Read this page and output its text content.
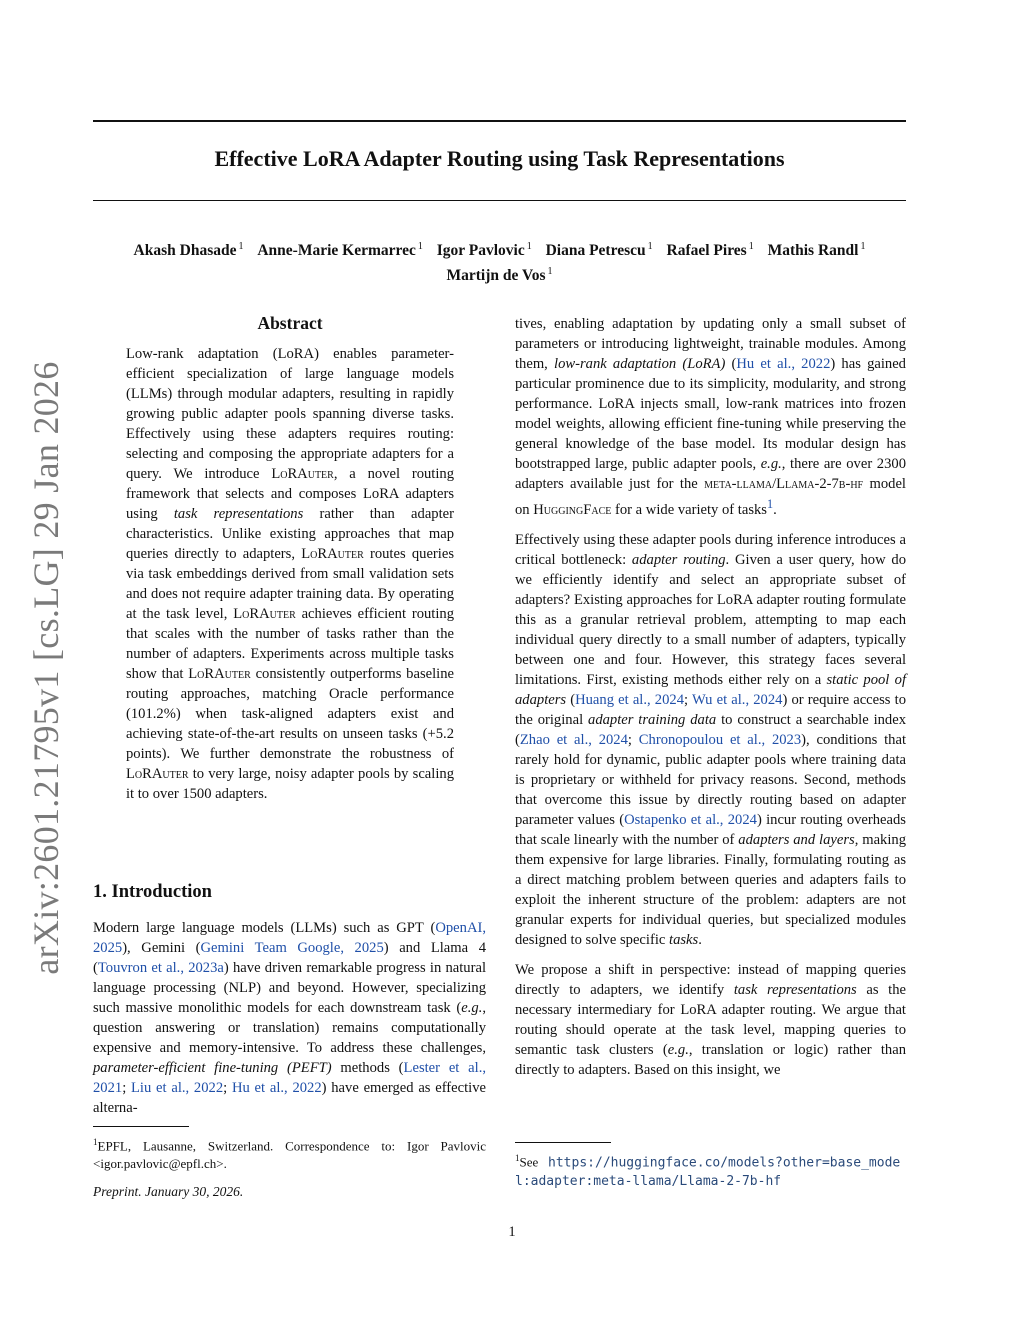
Effective LoRA Adapter Routing using Task Representations
Akash Dhasade $^1$ Anne-Marie Kermarrec $^1$ Igor Pavlovic $^1$ Diana Petrescu $^1$ Rafael Pires $^1$ Mathis Randl $^1$
Martijn de Vos $^1$
arXiv:2601.21795v1 [cs.LG] 29 Jan 2026
Abstract

Low-rank adaptation (LoRA) enables parameter-efficient specialization of large language models (LLMs) through modular adapters, resulting in rapidly growing public adapter pools spanning diverse tasks. Effectively using these adapters requires routing: selecting and composing the appropriate adapters for a query. We introduce LoRAuter, a novel routing framework that selects and composes LoRA adapters using task representations rather than adapter characteristics. Unlike existing approaches that map queries directly to adapters, LoRAuter routes queries via task embeddings derived from small validation sets and does not require adapter training data. By operating at the task level, LoRAuter achieves efficient routing that scales with the number of tasks rather than the number of adapters. Experiments across multiple tasks show that LoRAuter consistently outperforms baseline routing approaches, matching Oracle performance (101.2%) when task-aligned adapters exist and achieving state-of-the-art results on unseen tasks (+5.2 points). We further demonstrate the robustness of LoRAuter to very large, noisy adapter pools by scaling it to over 1500 adapters.

1. Introduction

Modern large language models (LLMs) such as GPT (OpenAI, 2025), Gemini (Gemini Team Google, 2025) and Llama 4 (Touvron et al., 2023a) have driven remarkable progress in natural language processing (NLP) and beyond. However, specializing such massive monolithic models for each downstream task (e.g., question answering or translation) remains computationally expensive and memory-intensive. To address these challenges, parameter-efficient fine-tuning (PEFT) methods (Lester et al., 2021; Liu et al., 2022; Hu et al., 2022) have emerged as effective alterna-

tives, enabling adaptation by updating only a small subset of parameters or introducing lightweight, trainable modules. Among them, low-rank adaptation (LoRA) (Hu et al., 2022) has gained particular prominence due to its simplicity, modularity, and strong performance. LoRA injects small, low-rank matrices into frozen model weights, allowing efficient fine-tuning while preserving the general knowledge of the base model. Its modular design has bootstrapped large, public adapter pools, e.g., there are over 2300 adapters available just for the meta-llama/Llama-2-7b-hf model on HuggingFace for a wide variety of tasks$^1$.

Effectively using these adapter pools during inference introduces a critical bottleneck: adapter routing. Given a user query, how do we efficiently identify and select an appropriate subset of adapters? Existing approaches for LoRA adapter routing formulate this as a granular retrieval problem, attempting to map each individual query directly to a small number of adapters, typically between one and four. However, this strategy faces several limitations. First, existing methods either rely on a static pool of adapters (Huang et al., 2024; Wu et al., 2024) or require access to the original adapter training data to construct a searchable index (Zhao et al., 2024; Chronopoulou et al., 2023), conditions that rarely hold for dynamic, public adapter pools where training data is proprietary or withheld for privacy reasons. Second, methods that overcome this issue by directly routing based on adapter parameter values (Ostapenko et al., 2024) incur routing overheads that scale linearly with the number of adapters and layers, making them expensive for large libraries. Finally, formulating routing as a direct matching problem between queries and adapters fails to exploit the inherent structure of the problem: adapters are not granular experts for individual queries, but specialized modules designed to solve specific tasks.

We propose a shift in perspective: instead of mapping queries directly to adapters, we identify task representations as the necessary intermediary for LoRA adapter routing. We argue that routing should operate at the task level, mapping queries to semantic task clusters (e.g., translation or logic) rather than directly to adapters. Based on this insight, we

$^1$EPFL, Lausanne, Switzerland. Correspondence to: Igor Pavlovic <igor.pavlovic@epfl.ch>.	$^1$See https://huggingface.co/models?other=base_model:adapter:meta-llama/Llama-2-7b-hf
Preprint. January 30, 2026.
1
